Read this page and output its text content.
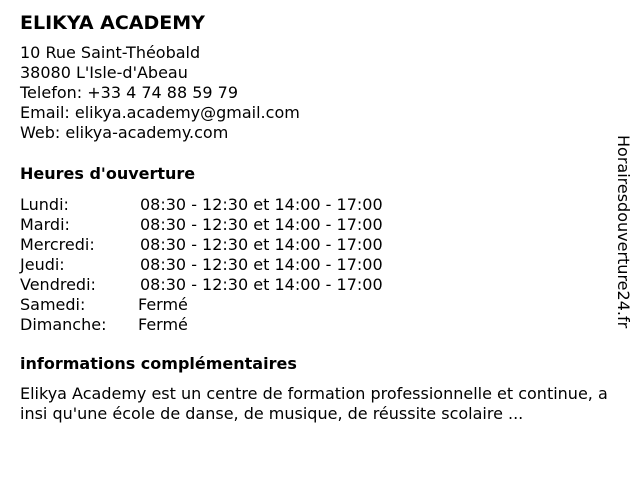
ELIKYA ACADEMY
10 Rue Saint-Théobald
38080 L'Isle-d'Abeau
Telefon: +33 4 74 88 59 79
Email: elikya.academy@gmail.com
Web: elikya-academy.com
Heures d'ouverture
Lundi:	08:30 - 12:30 et 14:00 - 17:00
Mardi:	08:30 - 12:30 et 14:00 - 17:00
Mercredi:	08:30 - 12:30 et 14:00 - 17:00
Jeudi:	08:30 - 12:30 et 14:00 - 17:00
Vendredi:	08:30 - 12:30 et 14:00 - 17:00
Samedi:	Fermé
Dimanche: Fermé
informations complémentaires
Elikya Academy est un centre de formation professionnelle et continue, ainsi qu'une école de danse, de musique, de réussite scolaire ...
Horairesdouverture24.fr
